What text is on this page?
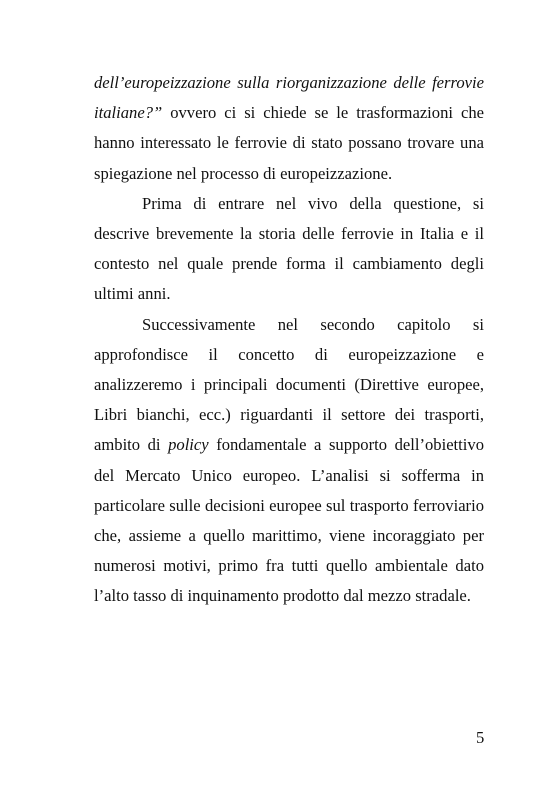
dell’europeizzazione sulla riorganizzazione delle ferrovie italiane?” ovvero ci si chiede se le trasformazioni che hanno interessato le ferrovie di stato possano trovare una spiegazione nel processo di europeizzazione.

Prima di entrare nel vivo della questione, si descrive brevemente la storia delle ferrovie in Italia e il contesto nel quale prende forma il cambiamento degli ultimi anni.

Successivamente nel secondo capitolo si approfondisce il concetto di europeizzazione e analizzeremo i principali documenti (Direttive europee, Libri bianchi, ecc.) riguardanti il settore dei trasporti, ambito di policy fondamentale a supporto dell’obiettivo del Mercato Unico europeo. L’analisi si sofferma in particolare sulle decisioni europee sul trasporto ferroviario che, assieme a quello marittimo, viene incoraggiato per numerosi motivi, primo fra tutti quello ambientale dato l’alto tasso di inquinamento prodotto dal mezzo stradale.

5
